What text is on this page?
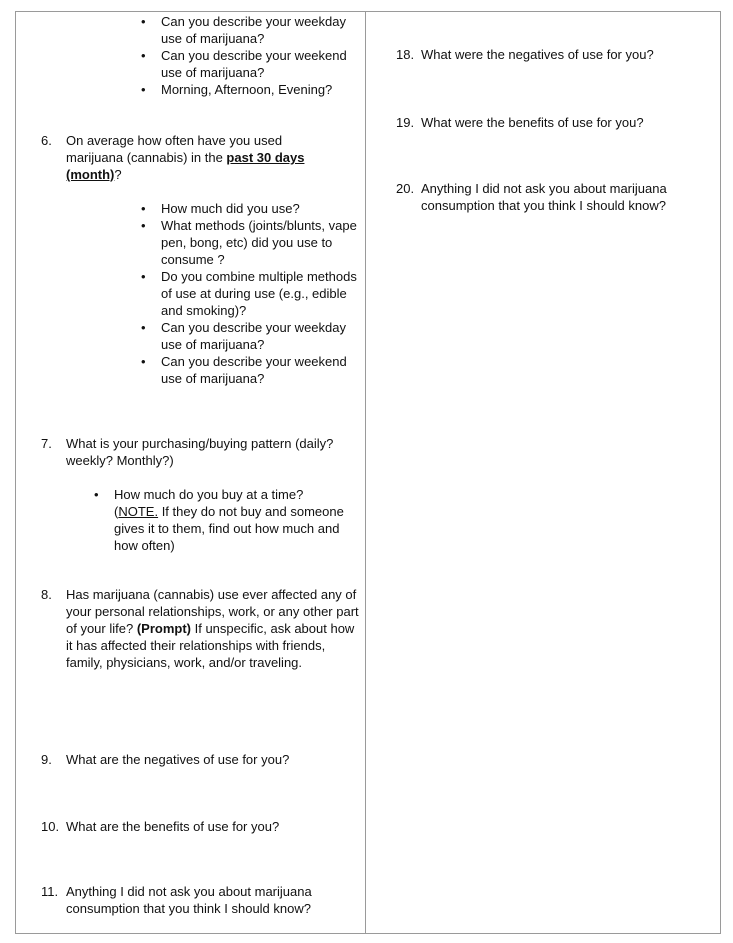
• Can you describe your weekday use of marijuana?
• Can you describe your weekend use of marijuana?
• Morning, Afternoon, Evening?
6. On average how often have you used marijuana (cannabis) in the past 30 days (month)?
• How much did you use?
• What methods (joints/blunts, vape pen, bong, etc) did you use to consume ?
• Do you combine multiple methods of use at during use (e.g., edible and smoking)?
• Can you describe your weekday use of marijuana?
• Can you describe your weekend use of marijuana?
7. What is your purchasing/buying pattern (daily? weekly? Monthly?)
• How much do you buy at a time?
(NOTE. If they do not buy and someone gives it to them, find out how much and how often)
8. Has marijuana (cannabis) use ever affected any of your personal relationships, work, or any other part of your life? (Prompt) If unspecific, ask about how it has affected their relationships with friends, family, physicians, work, and/or traveling.
9. What are the negatives of use for you?
10. What are the benefits of use for you?
11. Anything I did not ask you about marijuana consumption that you think I should know?
18. What were the negatives of use for you?
19. What were the benefits of use for you?
20. Anything I did not ask you about marijuana consumption that you think I should know?
